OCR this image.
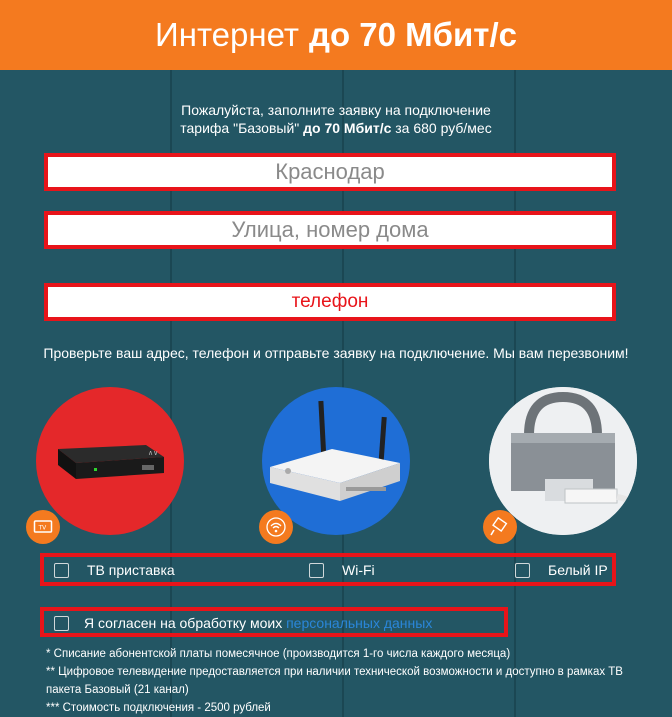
Интернет до 70 Мбит/с
Пожалуйста, заполните заявку на подключение
тарифа "Базовый" до 70 Мбит/с за 680 руб/мес
Краснодар
Улица, номер дома
телефон
Проверьте ваш адрес, телефон и отправьте заявку на подключение. Мы вам перезвоним!
∧∨
TV
ТВ приставка	Wi-Fi	Белый IP
Я согласен на обработку моих персональных данных
* Списание абонентской платы помесячное (производится 1-го числа каждого месяца)
** Цифровое телевидение предоставляется при наличии технической возможности и доступно в рамках ТВ пакета Базовый (21 канал)
*** Стоимость подключения - 2500 рублей
